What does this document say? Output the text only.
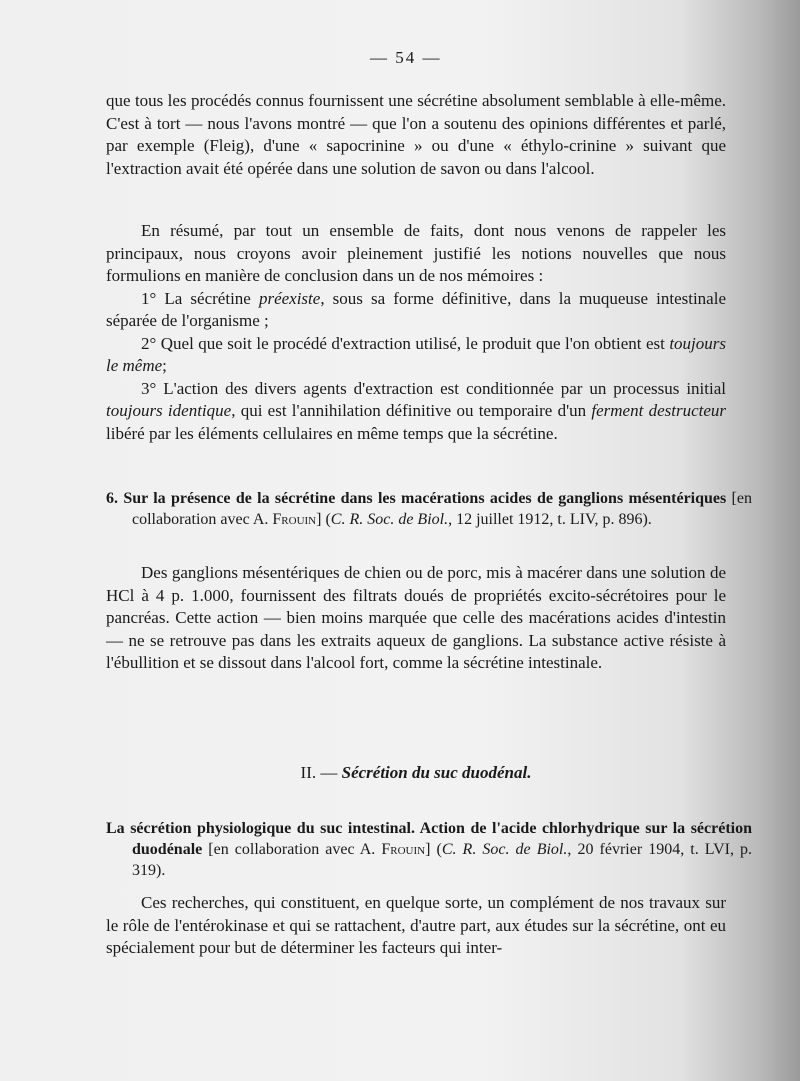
— 54 —

que tous les procédés connus fournissent une sécrétine absolument semblable à elle-même. C'est à tort — nous l'avons montré — que l'on a soutenu des opinions différentes et parlé, par exemple (Fleig), d'une « sapocrinine » ou d'une « éthylo-crinine » suivant que l'extraction avait été opérée dans une solution de savon ou dans l'alcool.

En résumé, par tout un ensemble de faits, dont nous venons de rappeler les principaux, nous croyons avoir pleinement justifié les notions nouvelles que nous formulions en manière de conclusion dans un de nos mémoires :

1° La sécrétine préexiste, sous sa forme définitive, dans la muqueuse intestinale séparée de l'organisme ;

2° Quel que soit le procédé d'extraction utilisé, le produit que l'on obtient est toujours le même;

3° L'action des divers agents d'extraction est conditionnée par un processus initial toujours identique, qui est l'annihilation définitive ou temporaire d'un ferment destructeur libéré par les éléments cellulaires en même temps que la sécrétine.

6. Sur la présence de la sécrétine dans les macérations acides de ganglions mésentériques [en collaboration avec A. Frouin] (C. R. Soc. de Biol., 12 juillet 1912, t. LIV, p. 896).

Des ganglions mésentériques de chien ou de porc, mis à macérer dans une solution de HCl à 4 p. 1.000, fournissent des filtrats doués de propriétés excito-sécrétoires pour le pancréas. Cette action — bien moins marquée que celle des macérations acides d'intestin — ne se retrouve pas dans les extraits aqueux de ganglions. La substance active résiste à l'ébullition et se dissout dans l'alcool fort, comme la sécrétine intestinale.

II. — Sécrétion du suc duodénal.
La sécrétion physiologique du suc intestinal. Action de l'acide chlorhydrique sur la sécrétion duodénale [en collaboration avec A. Frouin] (C. R. Soc. de Biol., 20 février 1904, t. LVI, p. 319).

Ces recherches, qui constituent, en quelque sorte, un complément de nos travaux sur le rôle de l'entérokinase et qui se rattachent, d'autre part, aux études sur la sécrétine, ont eu spécialement pour but de déterminer les facteurs qui inter-
